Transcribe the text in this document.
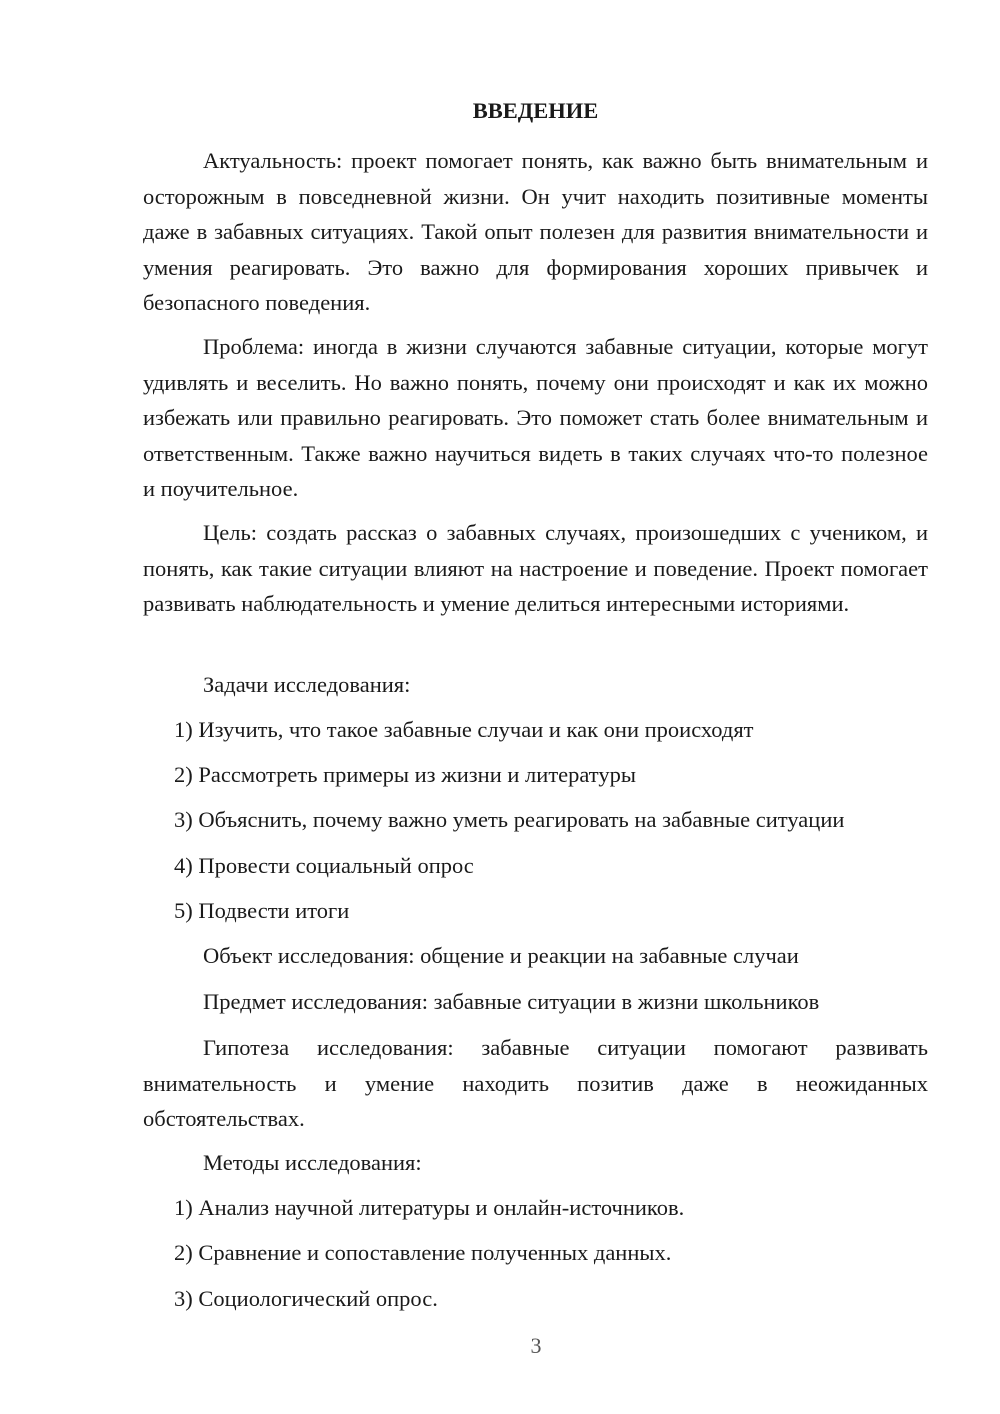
ВВЕДЕНИЕ

Актуальность: проект помогает понять, как важно быть внимательным и осторожным в повседневной жизни. Он учит находить позитивные моменты даже в забавных ситуациях. Такой опыт полезен для развития внимательности и умения реагировать. Это важно для формирования хороших привычек и безопасного поведения.

Проблема: иногда в жизни случаются забавные ситуации, которые могут удивлять и веселить. Но важно понять, почему они происходят и как их можно избежать или правильно реагировать. Это поможет стать более внимательным и ответственным. Также важно научиться видеть в таких случаях что-то полезное и поучительное.

Цель: создать рассказ о забавных случаях, произошедших с учеником, и понять, как такие ситуации влияют на настроение и поведение. Проект помогает развивать наблюдательность и умение делиться интересными историями.

Задачи исследования:

1) Изучить, что такое забавные случаи и как они происходят

2) Рассмотреть примеры из жизни и литературы

3) Объяснить, почему важно уметь реагировать на забавные ситуации

4) Провести социальный опрос

5) Подвести итоги

Объект исследования: общение и реакции на забавные случаи

Предмет исследования: забавные ситуации в жизни школьников

Гипотеза исследования: забавные ситуации помогают развивать внимательность и умение находить позитив даже в неожиданных обстоятельствах.

Методы исследования:

1) Анализ научной литературы и онлайн-источников.

2) Сравнение и сопоставление полученных данных.

3) Социологический опрос.

3
